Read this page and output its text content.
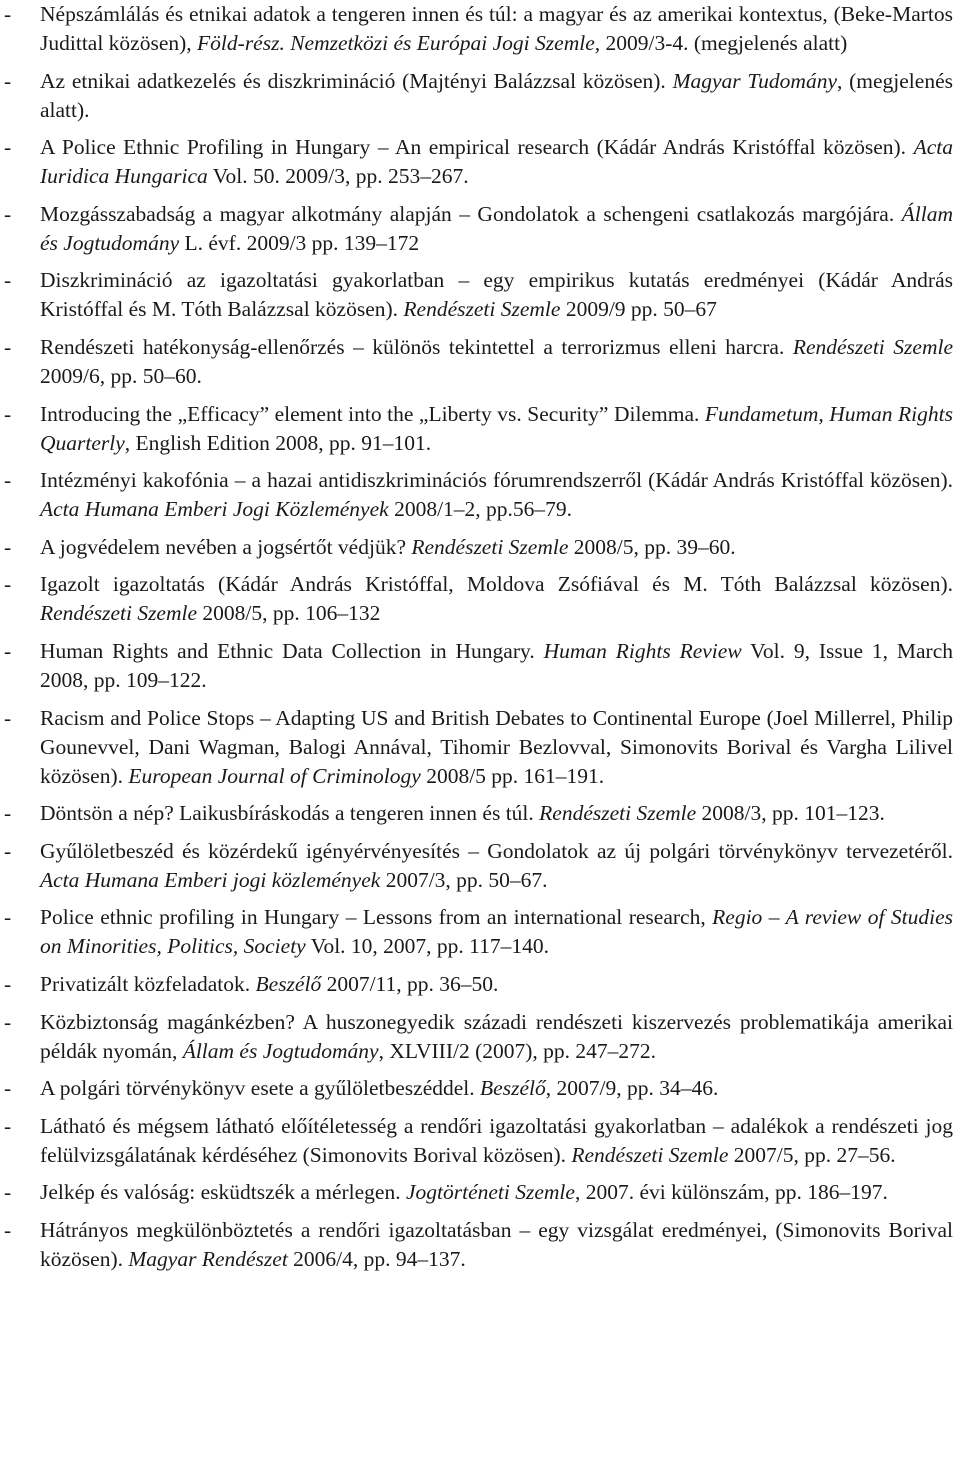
- Népszámlálás és etnikai adatok a tengeren innen és túl: a magyar és az amerikai kontextus, (Beke-Martos Judittal közösen), Föld-rész. Nemzetközi és Európai Jogi Szemle, 2009/3-4. (megjelenés alatt)
- Az etnikai adatkezelés és diszkrimináció (Majtényi Balázzsal közösen). Magyar Tudomány, (megjelenés alatt).
- A Police Ethnic Profiling in Hungary – An empirical research (Kádár András Kristóffal közösen). Acta Iuridica Hungarica Vol. 50. 2009/3, pp. 253–267.
- Mozgásszabadság a magyar alkotmány alapján – Gondolatok a schengeni csatlakozás margójára. Állam és Jogtudomány L. évf. 2009/3 pp. 139–172
- Diszkrimináció az igazoltatási gyakorlatban – egy empirikus kutatás eredményei (Kádár András Kristóffal és M. Tóth Balázzsal közösen). Rendészeti Szemle 2009/9 pp. 50–67
- Rendészeti hatékonyság-ellenőrzés – különös tekintettel a terrorizmus elleni harcra. Rendészeti Szemle 2009/6, pp. 50–60.
- Introducing the „Efficacy” element into the „Liberty vs. Security” Dilemma. Fundametum, Human Rights Quarterly, English Edition 2008, pp. 91–101.
- Intézményi kakofónia – a hazai antidiszkriminációs fórumrendszerről (Kádár András Kristóffal közösen). Acta Humana Emberi Jogi Közlemények 2008/1–2, pp.56–79.
- A jogvédelem nevében a jogsértőt védjük? Rendészeti Szemle 2008/5, pp. 39–60.
- Igazolt igazoltatás (Kádár András Kristóffal, Moldova Zsófiával és M. Tóth Balázzsal közösen). Rendészeti Szemle 2008/5, pp. 106–132
- Human Rights and Ethnic Data Collection in Hungary. Human Rights Review Vol. 9, Issue 1, March 2008, pp. 109–122.
- Racism and Police Stops – Adapting US and British Debates to Continental Europe (Joel Millerrel, Philip Gounevvel, Dani Wagman, Balogi Annával, Tihomir Bezlovval, Simonovits Borival és Vargha Lilivel közösen). European Journal of Criminology 2008/5 pp. 161–191.
- Döntsön a nép? Laikusbíráskodás a tengeren innen és túl. Rendészeti Szemle 2008/3, pp. 101–123.
- Gyűlöletbeszéd és közérdekű igényérvényesítés – Gondolatok az új polgári törvénykönyv tervezetéről. Acta Humana Emberi jogi közlemények 2007/3, pp. 50–67.
- Police ethnic profiling in Hungary – Lessons from an international research, Regio – A review of Studies on Minorities, Politics, Society Vol. 10, 2007, pp. 117–140.
- Privatizált közfeladatok. Beszélő 2007/11, pp. 36–50.
- Közbiztonság magánkézben? A huszonegyedik századi rendészeti kiszervezés problematikája amerikai példák nyomán, Állam és Jogtudomány, XLVIII/2 (2007), pp. 247–272.
- A polgári törvénykönyv esete a gyűlöletbeszéddel. Beszélő, 2007/9, pp. 34–46.
- Látható és mégsem látható előítéletesség a rendőri igazoltatási gyakorlatban – adalékok a rendészeti jog felülvizsgálatának kérdéséhez (Simonovits Borival közösen). Rendészeti Szemle 2007/5, pp. 27–56.
- Jelkép és valóság: esküdtszék a mérlegen. Jogtörténeti Szemle, 2007. évi különszám, pp. 186–197.
- Hátrányos megkülönböztetés a rendőri igazoltatásban – egy vizsgálat eredményei, (Simonovits Borival közösen). Magyar Rendészet 2006/4, pp. 94–137.
